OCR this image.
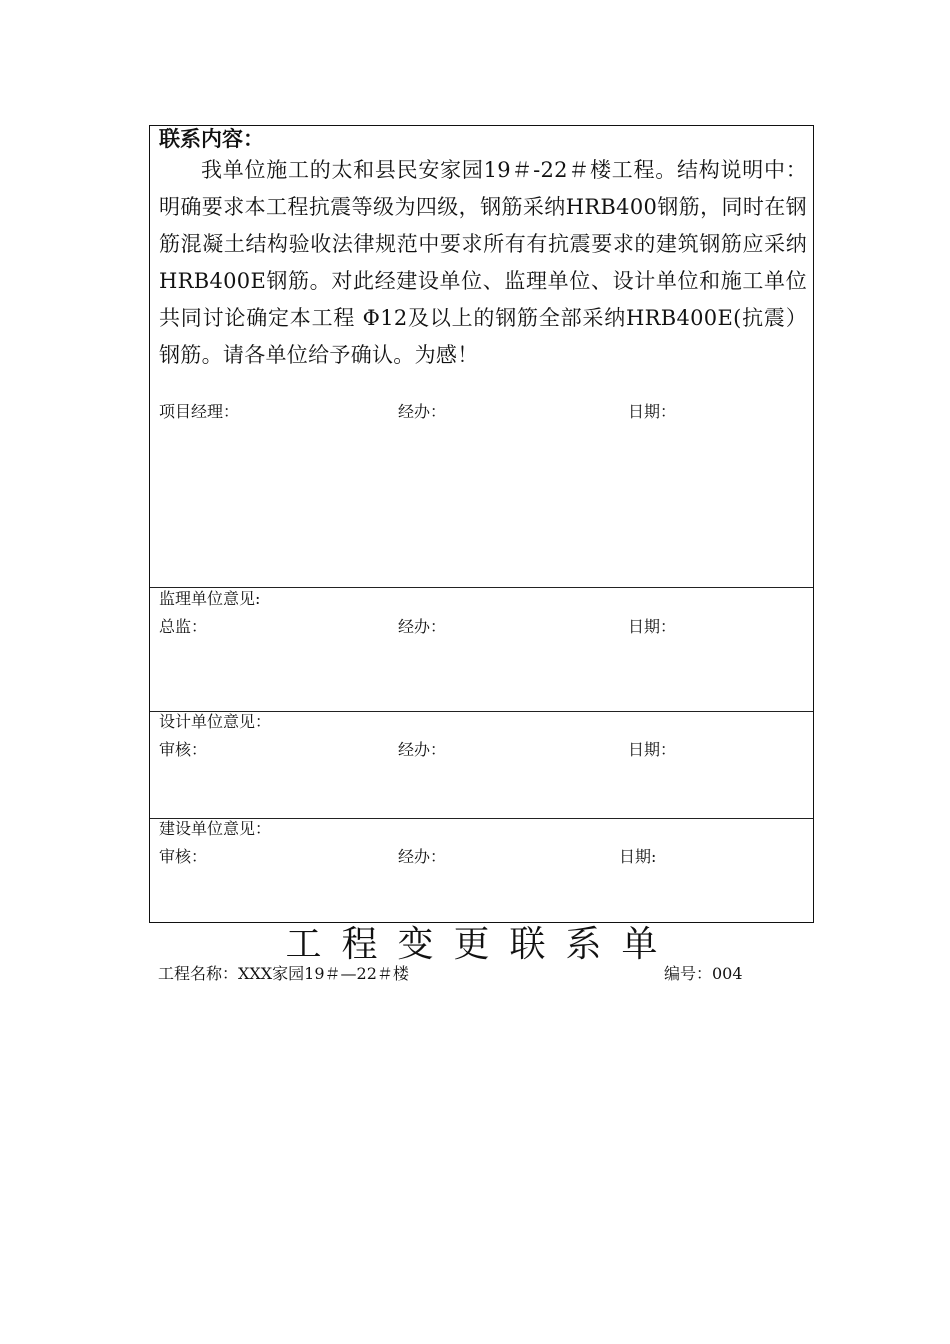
联系内容：
我单位施工的太和县民安家园19＃-22＃楼工程。结构说明中：明确要求本工程抗震等级为四级，钢筋采纳HRB400钢筋，同时在钢筋混凝土结构验收法律规范中要求所有有抗震要求的建筑钢筋应采纳HRB400E钢筋。对此经建设单位、监理单位、设计单位和施工单位共同讨论确定本工程 Φ12及以上的钢筋全部采纳HRB400E(抗震）钢筋。请各单位给予确认。为感！
项目经理：	经办：	日期：
监理单位意见:
总监：	经办：	日期：
设计单位意见：
审核：	经办：	日期：
建设单位意见：
审核：	经办：	日期:
工程变更联系单
工程名称：XXX家园19＃—22＃楼	编号：004
